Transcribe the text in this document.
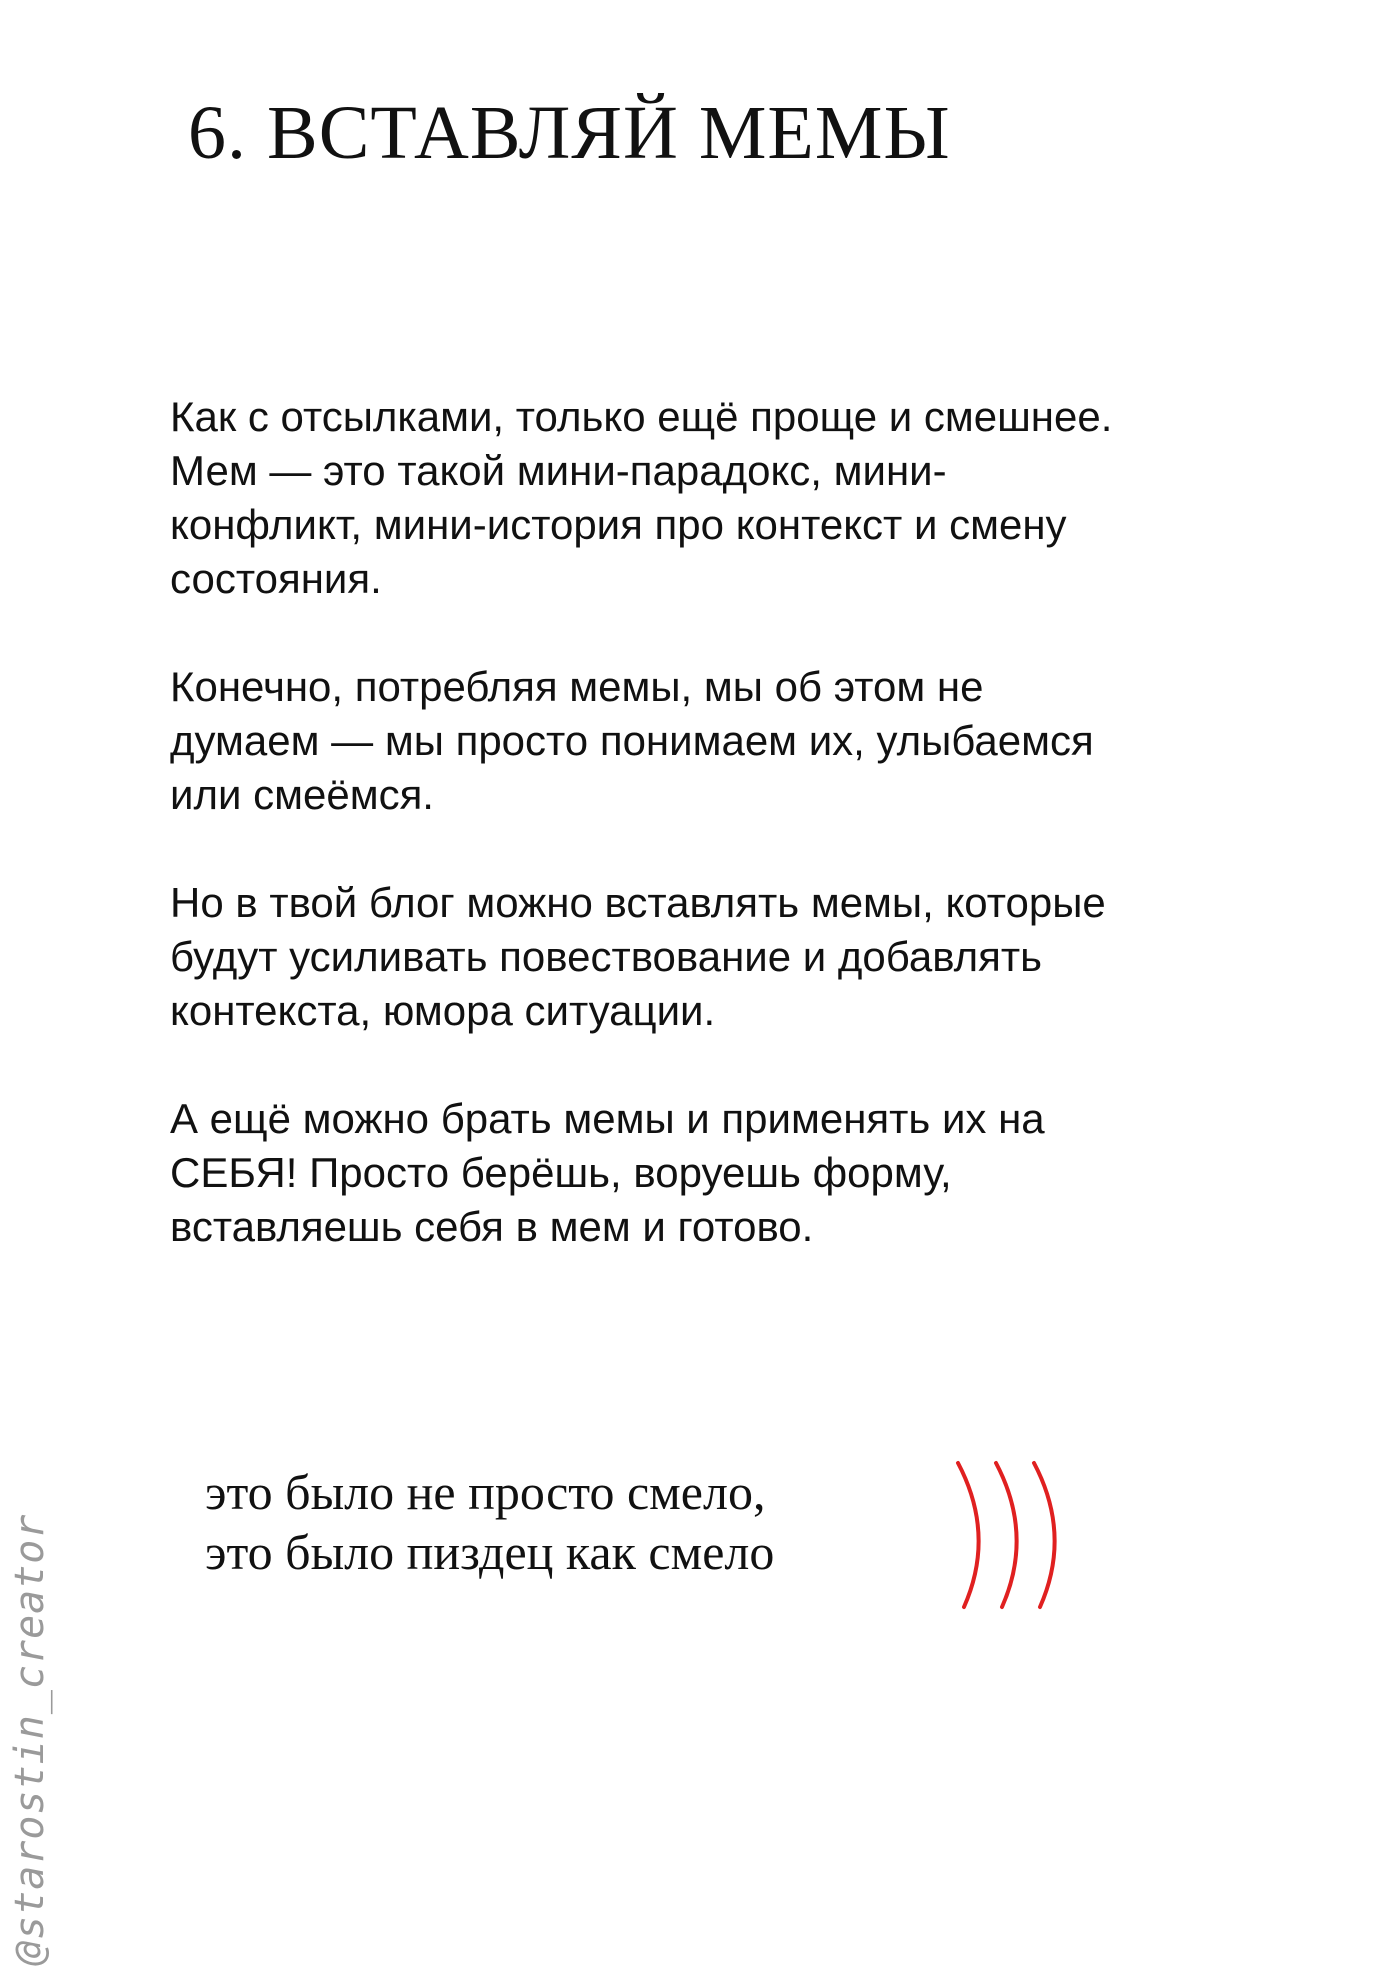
6. ВСТАВЛЯЙ МЕМЫ

Как с отсылками, только ещё проще и смешнее.
Мем — это такой мини-парадокс, мини-
конфликт, мини-история про контекст и смену
состояния.

Конечно, потребляя мемы, мы об этом не
думаем — мы просто понимаем их, улыбаемся
или смеёмся.

Но в твой блог можно вставлять мемы, которые
будут усиливать повествование и добавлять
контекста, юмора ситуации.

А ещё можно брать мемы и применять их на
СЕБЯ! Просто берёшь, воруешь форму,
вставляешь себя в мем и готово.

это было не просто смело,
это было пиздец как смело
@starostin_creator
